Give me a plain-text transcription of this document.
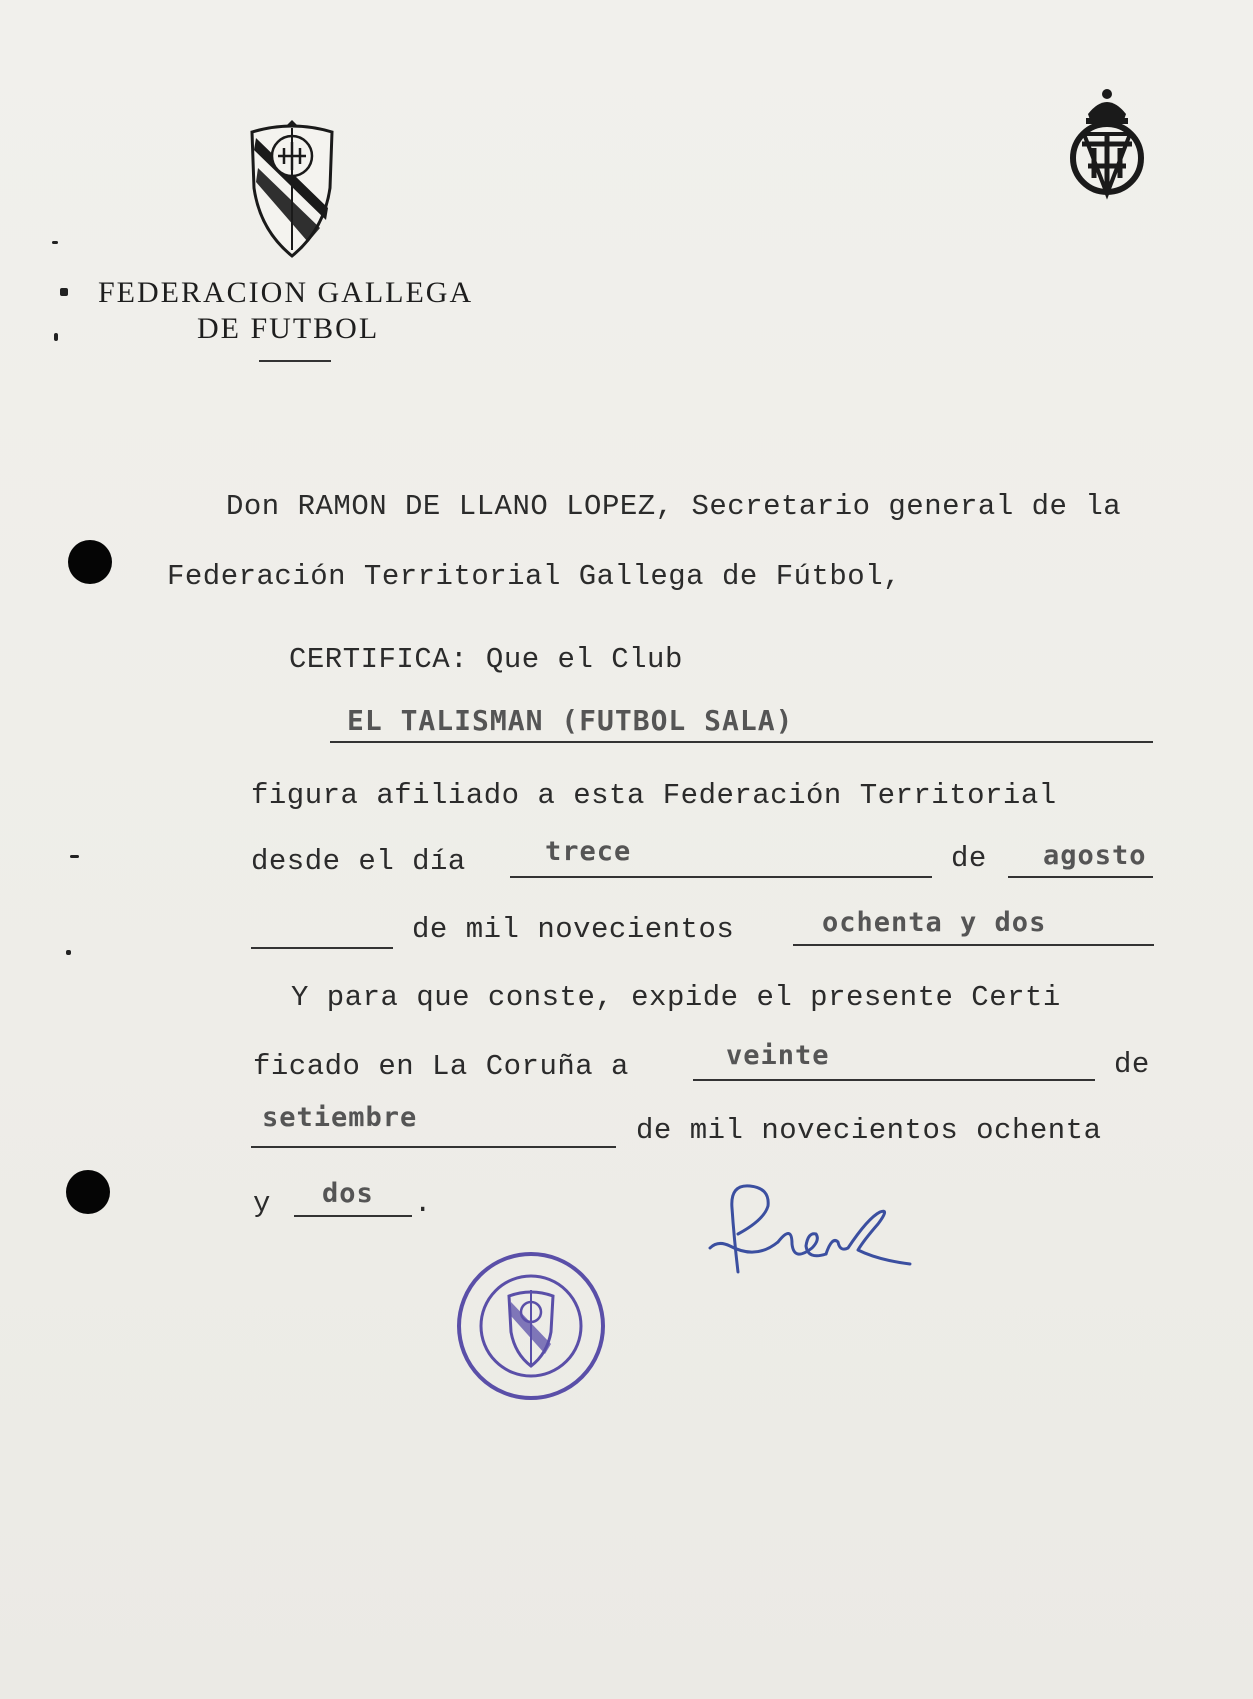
FEDERACION GALLEGA
DE FUTBOL
Don RAMON DE LLANO LOPEZ, Secretario general de la
Federación Territorial Gallega de Fútbol,
CERTIFICA: Que el Club
EL TALISMAN (FUTBOL SALA)
figura afiliado a esta Federación Territorial
desde el día	trece	de agosto
de mil novecientos	ochenta y dos
Y para que conste, expide el presente Certi
ficado en La Coruña a	veinte	de
setiembre	de mil novecientos ochenta
y dos .
